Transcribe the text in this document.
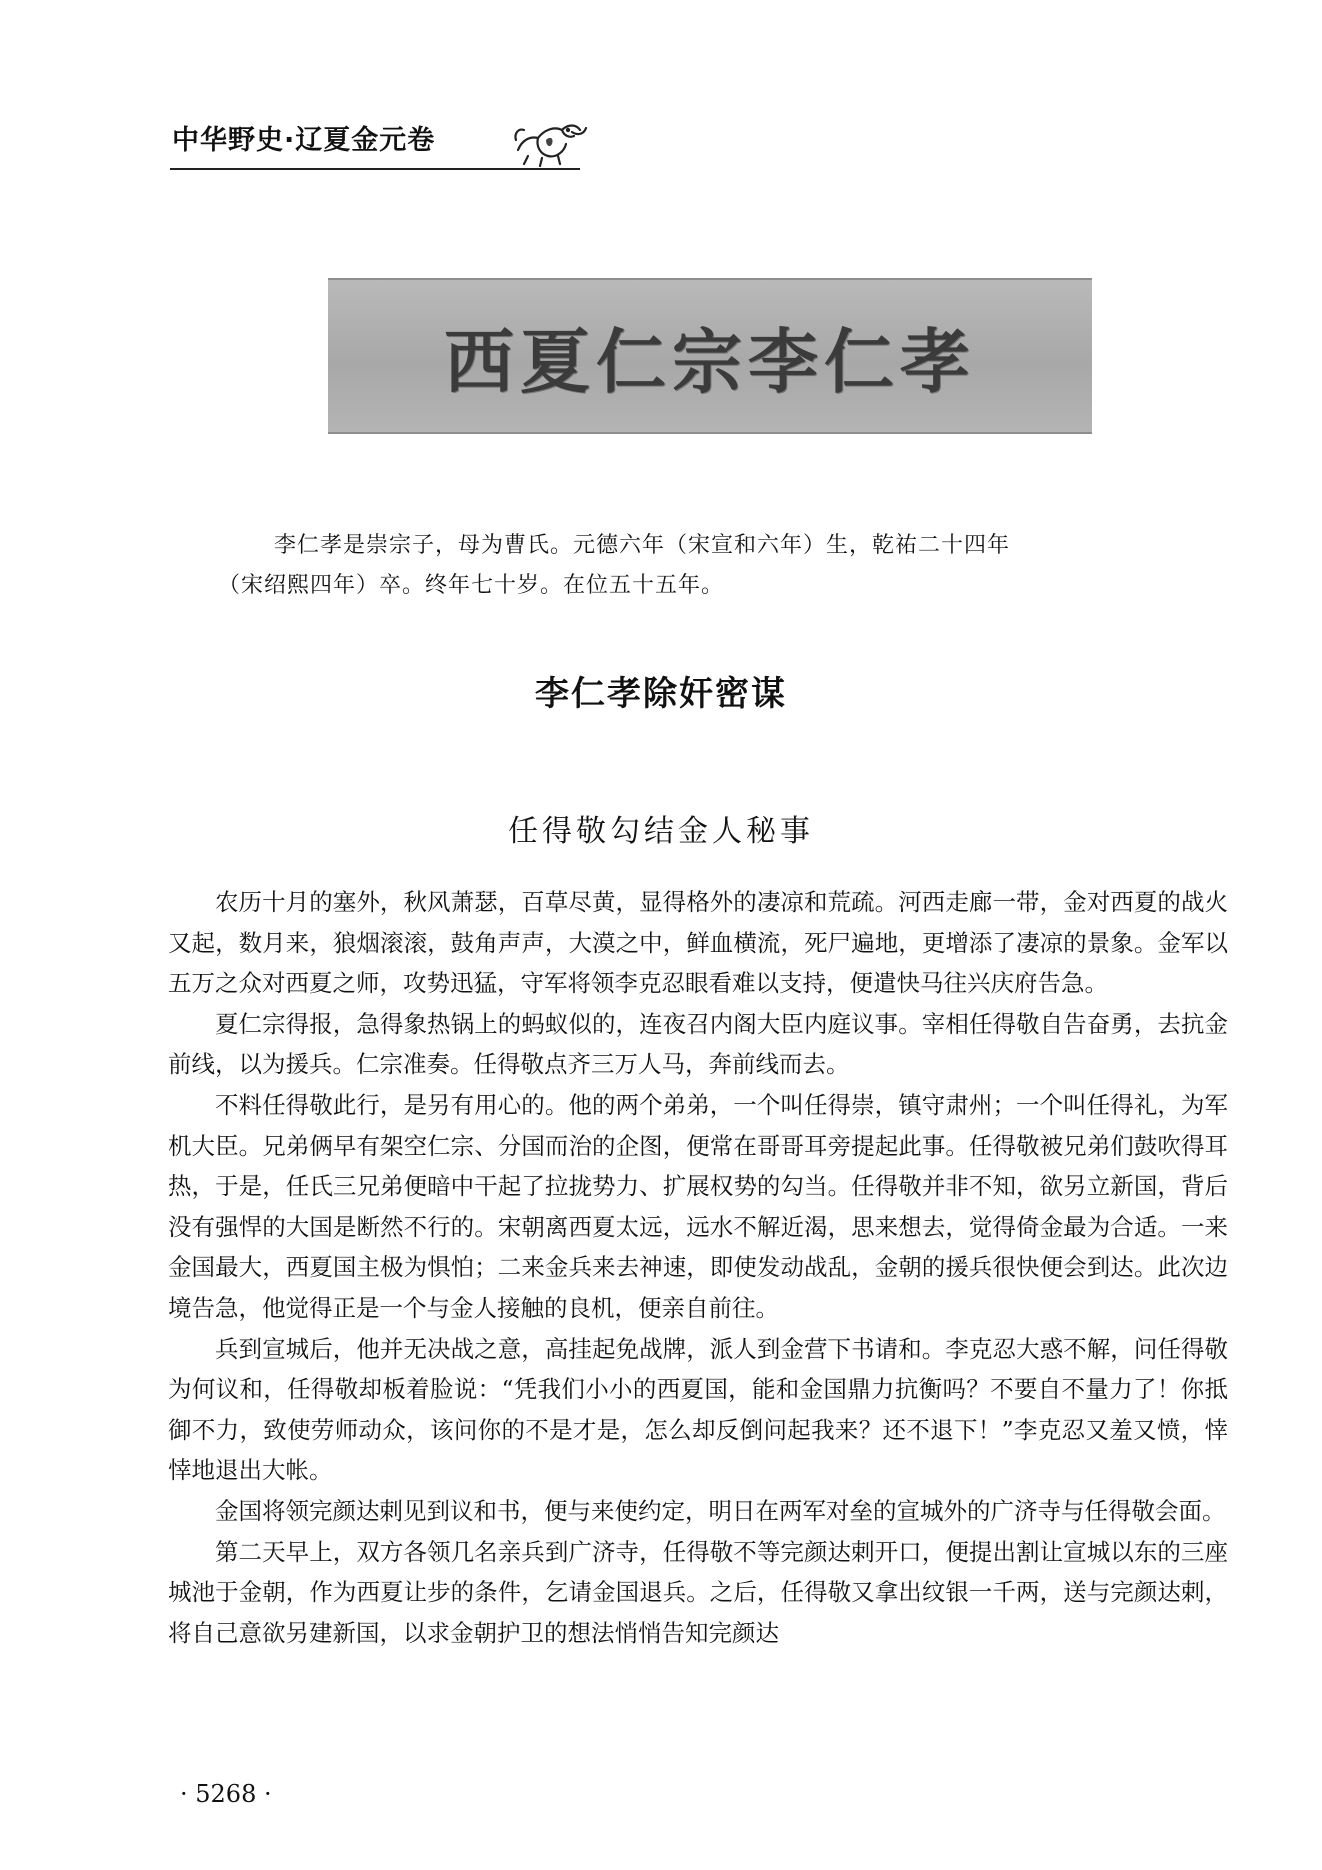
中华野史·辽夏金元卷
西夏仁宗李仁孝

李仁孝是崇宗子，母为曹氏。元德六年（宋宣和六年）生，乾祐二十四年

（宋绍熙四年）卒。终年七十岁。在位五十五年。

李仁孝除奸密谋
任得敬勾结金人秘事

农历十月的塞外，秋风萧瑟，百草尽黄，显得格外的凄凉和荒疏。河西走廊一带，金对西夏的战火又起，数月来，狼烟滚滚，鼓角声声，大漠之中，鲜血横流，死尸遍地，更增添了凄凉的景象。金军以五万之众对西夏之师，攻势迅猛，守军将领李克忍眼看难以支持，便遣快马往兴庆府告急。

夏仁宗得报，急得象热锅上的蚂蚁似的，连夜召内阁大臣内庭议事。宰相任得敬自告奋勇，去抗金前线，以为援兵。仁宗准奏。任得敬点齐三万人马，奔前线而去。

不料任得敬此行，是另有用心的。他的两个弟弟，一个叫任得崇，镇守肃州；一个叫任得礼，为军机大臣。兄弟俩早有架空仁宗、分国而治的企图，便常在哥哥耳旁提起此事。任得敬被兄弟们鼓吹得耳热，于是，任氏三兄弟便暗中干起了拉拢势力、扩展权势的勾当。任得敬并非不知，欲另立新国，背后没有强悍的大国是断然不行的。宋朝离西夏太远，远水不解近渴，思来想去，觉得倚金最为合适。一来金国最大，西夏国主极为惧怕；二来金兵来去神速，即使发动战乱，金朝的援兵很快便会到达。此次边境告急，他觉得正是一个与金人接触的良机，便亲自前往。

兵到宣城后，他并无决战之意，高挂起免战牌，派人到金营下书请和。李克忍大惑不解，问任得敬为何议和，任得敬却板着脸说：“凭我们小小的西夏国，能和金国鼎力抗衡吗？不要自不量力了！你抵御不力，致使劳师动众，该问你的不是才是，怎么却反倒问起我来？还不退下！”李克忍又羞又愤，悻悻地退出大帐。

金国将领完颜达剌见到议和书，便与来使约定，明日在两军对垒的宣城外的广济寺与任得敬会面。

第二天早上，双方各领几名亲兵到广济寺，任得敬不等完颜达剌开口，便提出割让宣城以东的三座城池于金朝，作为西夏让步的条件，乞请金国退兵。之后，任得敬又拿出纹银一千两，送与完颜达剌，将自己意欲另建新国，以求金朝护卫的想法悄悄告知完颜达

· 5268 ·
